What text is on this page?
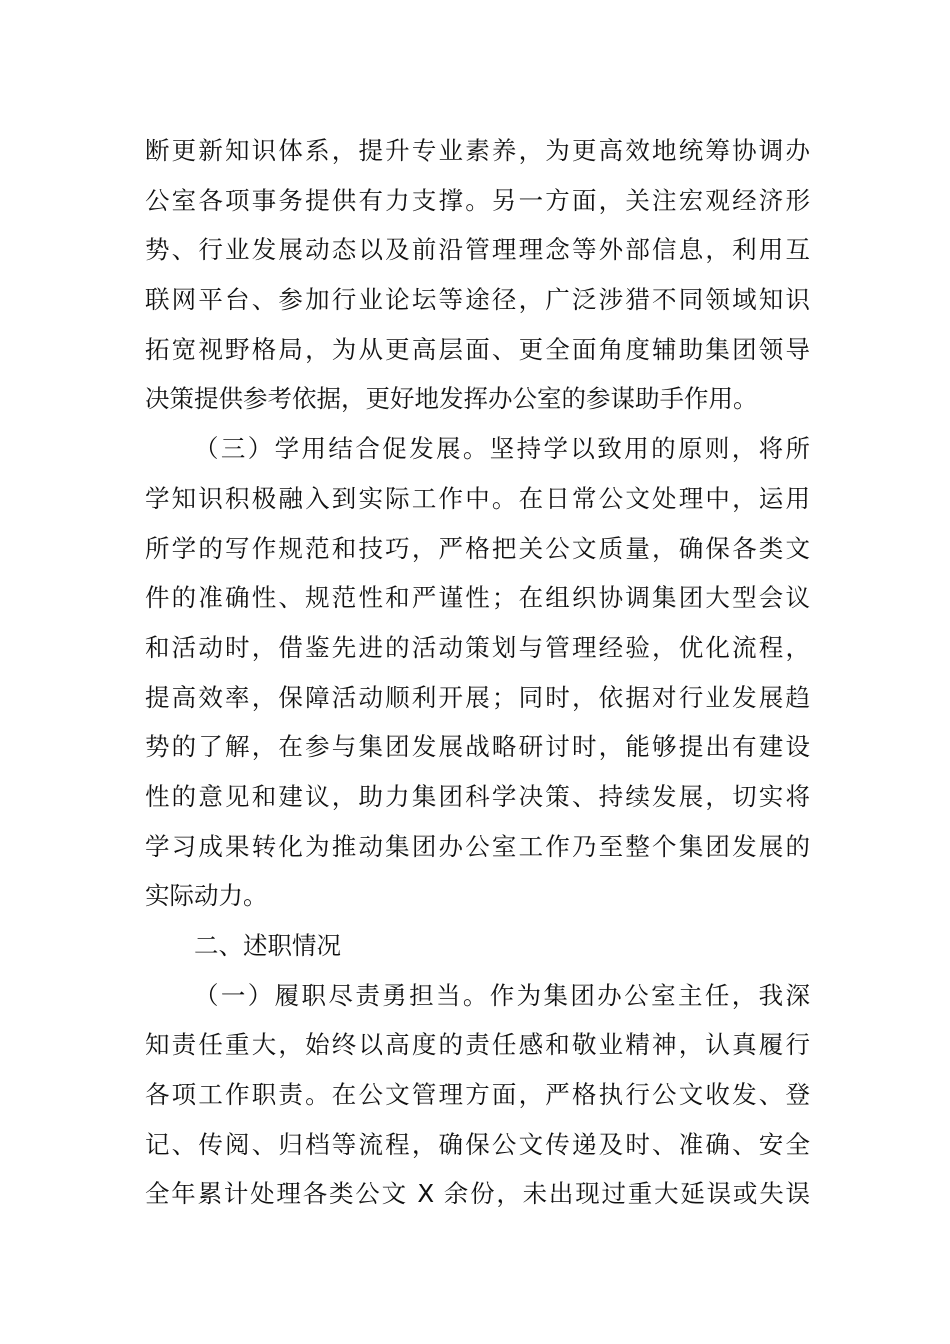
断更新知识体系，提升专业素养，为更高效地统筹协调办
公室各项事务提供有力支撑。另一方面，关注宏观经济形
势、行业发展动态以及前沿管理理念等外部信息，利用互
联网平台、参加行业论坛等途径，广泛涉猎不同领域知识
拓宽视野格局，为从更高层面、更全面角度辅助集团领导
决策提供参考依据，更好地发挥办公室的参谋助手作用。
（三）学用结合促发展。坚持学以致用的原则，将所
学知识积极融入到实际工作中。在日常公文处理中，运用
所学的写作规范和技巧，严格把关公文质量，确保各类文
件的准确性、规范性和严谨性；在组织协调集团大型会议
和活动时，借鉴先进的活动策划与管理经验，优化流程，
提高效率，保障活动顺利开展；同时，依据对行业发展趋
势的了解，在参与集团发展战略研讨时，能够提出有建设
性的意见和建议，助力集团科学决策、持续发展，切实将
学习成果转化为推动集团办公室工作乃至整个集团发展的
实际动力。
二、述职情况
（一）履职尽责勇担当。作为集团办公室主任，我深
知责任重大，始终以高度的责任感和敬业精神，认真履行
各项工作职责。在公文管理方面，严格执行公文收发、登
记、传阅、归档等流程，确保公文传递及时、准确、安全
全年累计处理各类公文 X 余份，未出现过重大延误或失误
